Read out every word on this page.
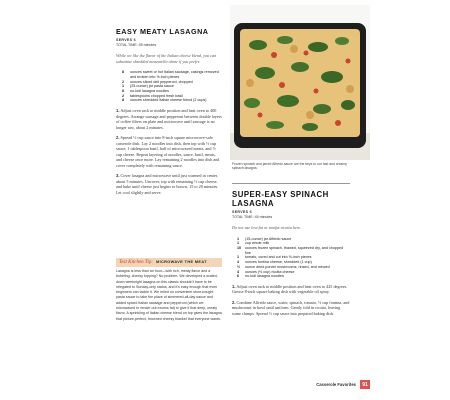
EASY MEATY LASAGNA
SERVES 6
TOTAL TIME: 45 minutes

While we like the flavor of the Italian cheese blend, you can substitute shredded mozzarella alone if you prefer.

8	ounces sweet or hot Italian sausage, casings removed and broken into ½-inch pieces
2	ounces sliced deli pepperoni, chopped
1	(25-ounce) jar pasta sauce
8	no-boil lasagna noodles
2	tablespoons chopped fresh basil
8	ounces shredded Italian cheese blend (2 cups)

1. Adjust oven rack to middle position and heat oven to 400 degrees. Arrange sausage and pepperoni between double layers of coffee filters on plate and microwave until sausage is no longer raw, about 2 minutes.

2. Spread ½ cup sauce into 8-inch square microwave-safe casserole dish. Lay 2 noodles into dish, then top with ½ cup sauce, 1 tablespoon basil, half of microwaved meats, and ½ cup cheese. Repeat layering of noodles, sauce, basil, meats, and cheese once more. Lay remaining 2 noodles into dish and cover completely with remaining sauce.

3. Cover lasagna and microwave until just warmed in center, about 5 minutes. Uncover, top with remaining ½ cup cheese, and bake until cheese just begins to brown, 15 to 20 minutes. Let cool slightly and serve.

Test Kitchen Tip: MICROWAVE THE MEAT
Lasagna is less than an hour—with rich, meaty flavor and a bubbling, cheesy topping? No problem. We developed a scaled-down weeknight lasagna on this classic shouldn't have to be relegated to Sunday-only status, and it's easy enough that even beginners can tackle it. We relied on convenient store-bought pasta sauce to take the place of simmered-all-day sauce and added spiced Italian sausage and pepperoni (which we microwaved to render out excess fat) to give it that deep, meaty flavor. A sprinkling of Italian cheese blend on top gives the lasagna that picture-perfect, browned cheesy blanket that everyone wants.
Frozen spinach and jarred Alfredo sauce are the keys to our fast and creamy spinach lasagna.
SUPER-EASY SPINACH LASAGNA
SERVES 6
TOTAL TIME: 45 minutes

Do not use low-fat or nonfat ricotta here.

1	(15-ounce) jar Alfredo sauce
1	cup whole milk
10	ounces frozen spinach, thawed, squeezed dry, and chopped fine
1	tomato, cored and cut into ½-inch pieces
4	ounces fontina cheese, shredded (1 cup)
½	ounce dried porcini mushrooms, rinsed, and minced
4	ounces (½ cup) ricotta cheese
6	no-boil lasagna noodles

1. Adjust oven rack to middle position and heat oven to 425 degrees. Grease 8-inch square baking dish with vegetable oil spray.

2. Combine Alfredo sauce, water, spinach, tomato, ½ cup fontina, and mushrooms in bowl until uniform. Gently fold in ricotta, leaving some clumps. Spread ½ cup sauce into prepared baking dish.

Casserole Favorites	91
